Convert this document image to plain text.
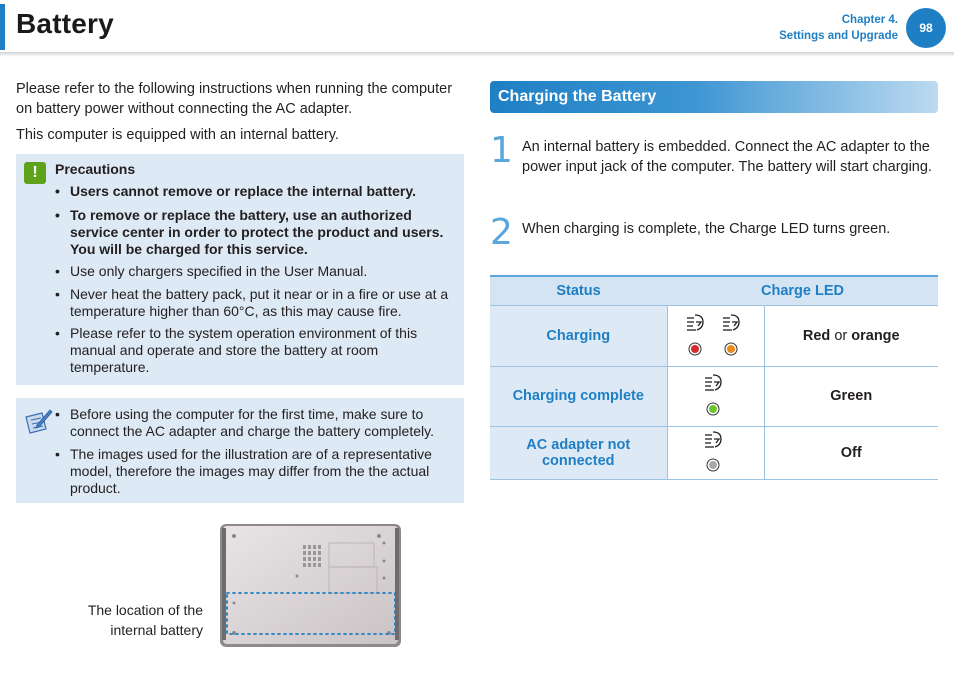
Battery	Chapter 4.
Settings and Upgrade
98

Please refer to the following instructions when running the computer on battery power without connecting the AC adapter.

This computer is equipped with an internal battery.

!	Precautions
• Users cannot remove or replace the internal battery.
• To remove or replace the battery, use an authorized service center in order to protect the product and users. You will be charged for this service.
• Use only chargers specified in the User Manual.
• Never heat the battery pack, put it near or in a fire or use at a temperature higher than 60°C, as this may cause fire.
• Please refer to the system operation environment of this manual and operate and store the battery at room temperature.
• Before using the computer for the first time, make sure to connect the AC adapter and charge the battery completely.
• The images used for the illustration are of a representative model, therefore the images may differ from the the actual product.
The location of the internal battery
Charging the Battery
1 An internal battery is embedded. Connect the AC adapter to the power input jack of the computer. The battery will start charging.

2 When charging is complete, the Charge LED turns green.

Status	Charge LED	
Charging		Red or orange
Charging complete		Green
AC adapter not connected		Off
